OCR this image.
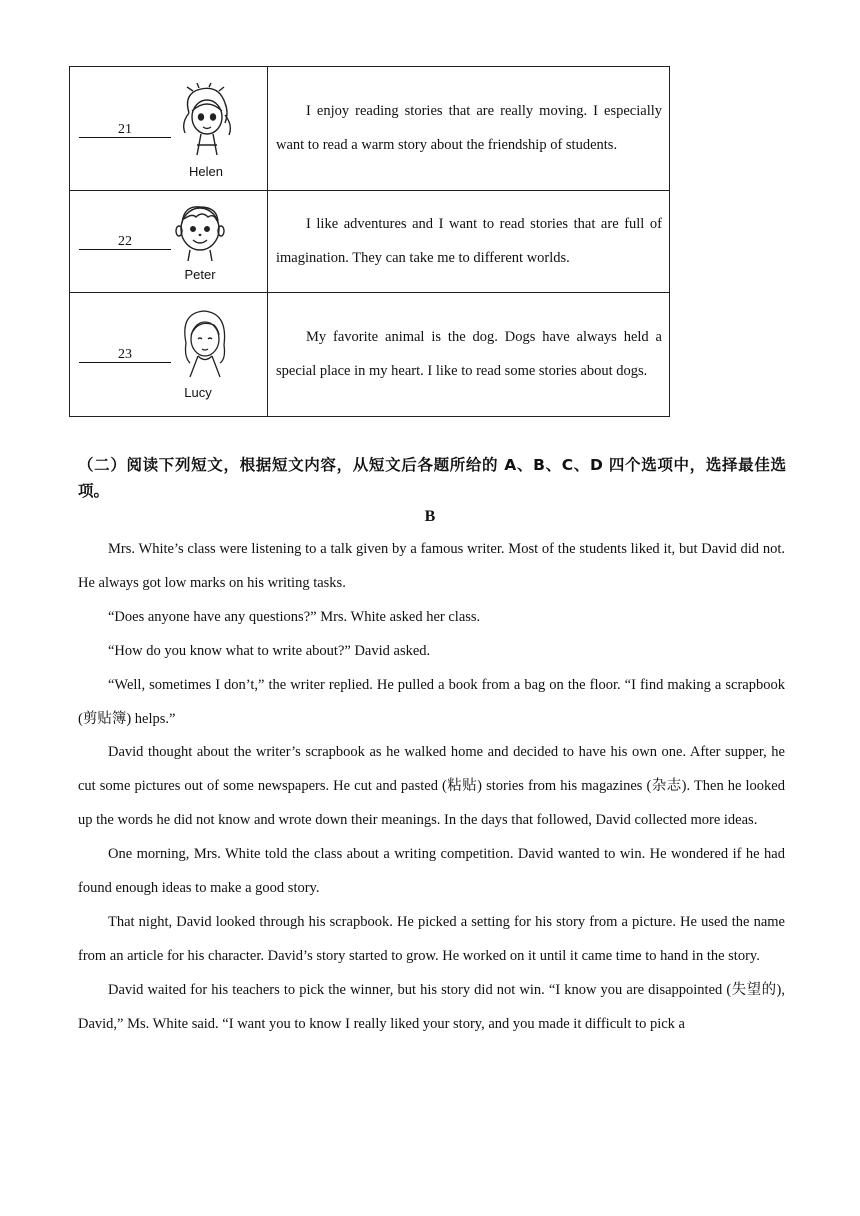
21
Helen	I enjoy reading stories that are really moving. I especially want to read a warm story about the friendship of students.

22
Peter	I like adventures and I want to read stories that are full of imagination. They can take me to different worlds.

23
Lucy	My favorite animal is the dog. Dogs have always held a special place in my heart. I like to read some stories about dogs.
（二）阅读下列短文，根据短文内容，从短文后各题所给的 A、B、C、D 四个选项中，选择最佳选项。
B

Mrs. White’s class were listening to a talk given by a famous writer. Most of the students liked it, but David did not. He always got low marks on his writing tasks.

“Does anyone have any questions?” Mrs. White asked her class.

“How do you know what to write about?” David asked.

“Well, sometimes I don’t,” the writer replied. He pulled a book from a bag on the floor. “I find making a scrapbook (剪贴簿) helps.”

David thought about the writer’s scrapbook as he walked home and decided to have his own one. After supper, he cut some pictures out of some newspapers. He cut and pasted (粘贴) stories from his magazines (杂志). Then he looked up the words he did not know and wrote down their meanings. In the days that followed, David collected more ideas.

One morning, Mrs. White told the class about a writing competition. David wanted to win. He wondered if he had found enough ideas to make a good story.

That night, David looked through his scrapbook. He picked a setting for his story from a picture. He used the name from an article for his character. David’s story started to grow. He worked on it until it came time to hand in the story.

David waited for his teachers to pick the winner, but his story did not win. “I know you are disappointed (失望的), David,” Ms. White said. “I want you to know I really liked your story, and you made it difficult to pick a
